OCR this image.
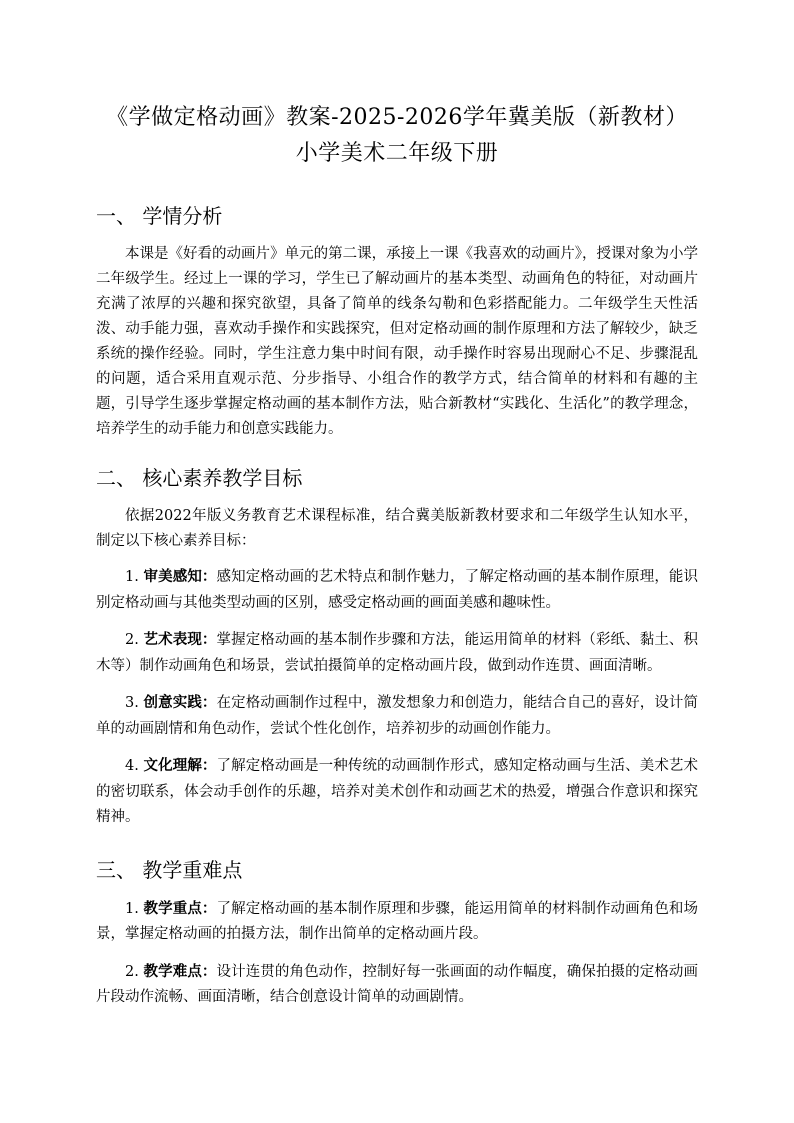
《学做定格动画》教案-2025-2026学年冀美版（新教材）
小学美术二年级下册
一、 学情分析

本课是《好看的动画片》单元的第二课，承接上一课《我喜欢的动画片》，授课对象为小学二年级学生。经过上一课的学习，学生已了解动画片的基本类型、动画角色的特征，对动画片充满了浓厚的兴趣和探究欲望，具备了简单的线条勾勒和色彩搭配能力。二年级学生天性活泼、动手能力强，喜欢动手操作和实践探究，但对定格动画的制作原理和方法了解较少，缺乏系统的操作经验。同时，学生注意力集中时间有限，动手操作时容易出现耐心不足、步骤混乱的问题，适合采用直观示范、分步指导、小组合作的教学方式，结合简单的材料和有趣的主题，引导学生逐步掌握定格动画的基本制作方法，贴合新教材“实践化、生活化”的教学理念，培养学生的动手能力和创意实践能力。

二、 核心素养教学目标

依据2022年版义务教育艺术课程标准，结合冀美版新教材要求和二年级学生认知水平，制定以下核心素养目标：

1. 审美感知：感知定格动画的艺术特点和制作魅力，了解定格动画的基本制作原理，能识别定格动画与其他类型动画的区别，感受定格动画的画面美感和趣味性。

2. 艺术表现：掌握定格动画的基本制作步骤和方法，能运用简单的材料（彩纸、黏土、积木等）制作动画角色和场景，尝试拍摄简单的定格动画片段，做到动作连贯、画面清晰。

3. 创意实践：在定格动画制作过程中，激发想象力和创造力，能结合自己的喜好，设计简单的动画剧情和角色动作，尝试个性化创作，培养初步的动画创作能力。

4. 文化理解：了解定格动画是一种传统的动画制作形式，感知定格动画与生活、美术艺术的密切联系，体会动手创作的乐趣，培养对美术创作和动画艺术的热爱，增强合作意识和探究精神。

三、 教学重难点

1. 教学重点：了解定格动画的基本制作原理和步骤，能运用简单的材料制作动画角色和场景，掌握定格动画的拍摄方法，制作出简单的定格动画片段。

2. 教学难点：设计连贯的角色动作，控制好每一张画面的动作幅度，确保拍摄的定格动画片段动作流畅、画面清晰，结合创意设计简单的动画剧情。
